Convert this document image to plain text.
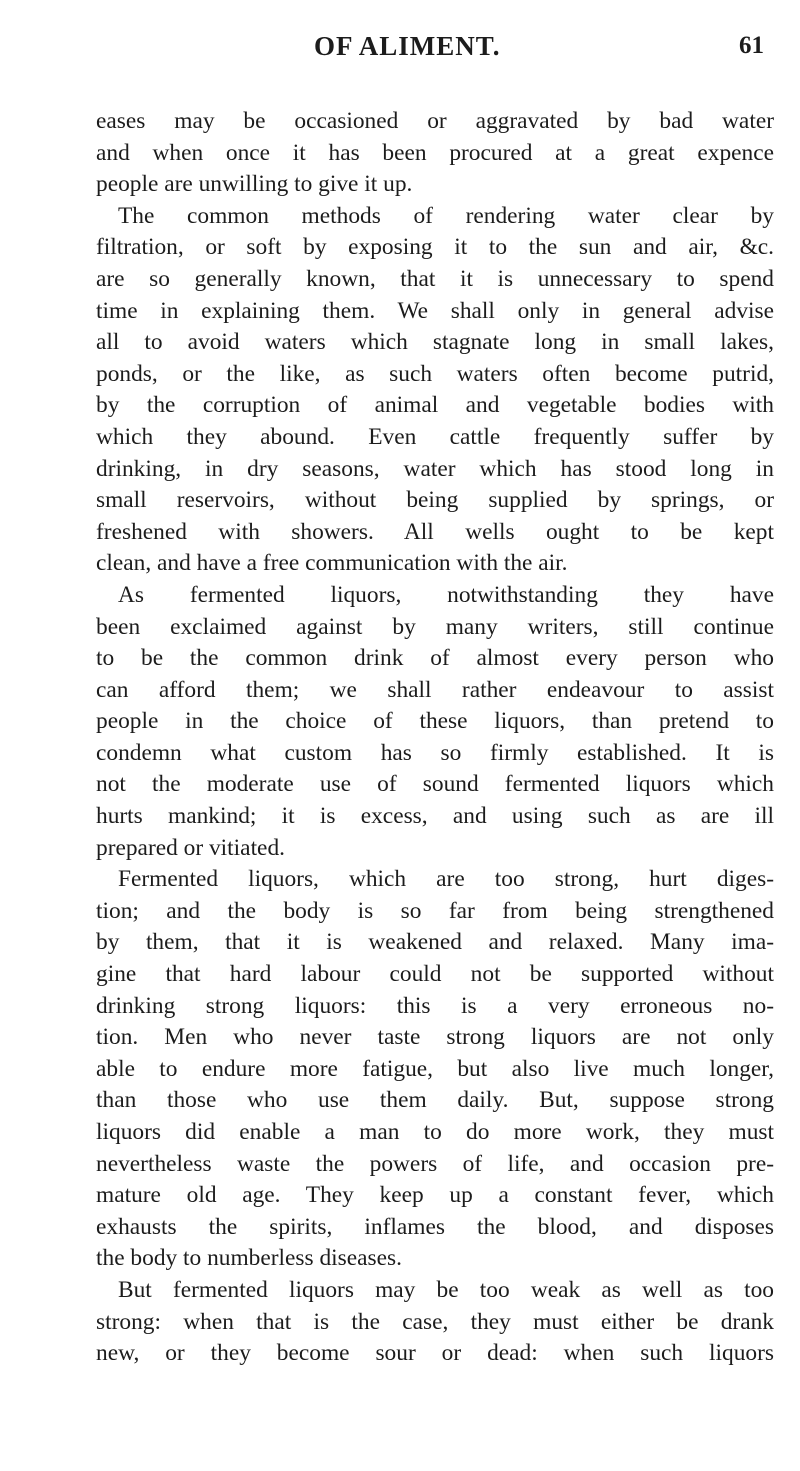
OF ALIMENT.	61
eases may be occasioned or aggravated by bad water
and when once it has been procured at a great expence
people are unwilling to give it up.
The common methods of rendering water clear by
filtration, or soft by exposing it to the sun and air, &c.
are so generally known, that it is unnecessary to spend
time in explaining them. We shall only in general advise
all to avoid waters which stagnate long in small lakes,
ponds, or the like, as such waters often become putrid,
by the corruption of animal and vegetable bodies with
which they abound. Even cattle frequently suffer by
drinking, in dry seasons, water which has stood long in
small reservoirs, without being supplied by springs, or
freshened with showers. All wells ought to be kept
clean, and have a free communication with the air.
As fermented liquors, notwithstanding they have
been exclaimed against by many writers, still continue
to be the common drink of almost every person who
can afford them; we shall rather endeavour to assist
people in the choice of these liquors, than pretend to
condemn what custom has so firmly established. It is
not the moderate use of sound fermented liquors which
hurts mankind; it is excess, and using such as are ill
prepared or vitiated.
Fermented liquors, which are too strong, hurt diges-
tion; and the body is so far from being strengthened
by them, that it is weakened and relaxed. Many ima-
gine that hard labour could not be supported without
drinking strong liquors: this is a very erroneous no-
tion. Men who never taste strong liquors are not only
able to endure more fatigue, but also live much longer,
than those who use them daily. But, suppose strong
liquors did enable a man to do more work, they must
nevertheless waste the powers of life, and occasion pre-
mature old age. They keep up a constant fever, which
exhausts the spirits, inflames the blood, and disposes
the body to numberless diseases.
But fermented liquors may be too weak as well as too
strong: when that is the case, they must either be drank
new, or they become sour or dead: when such liquors
